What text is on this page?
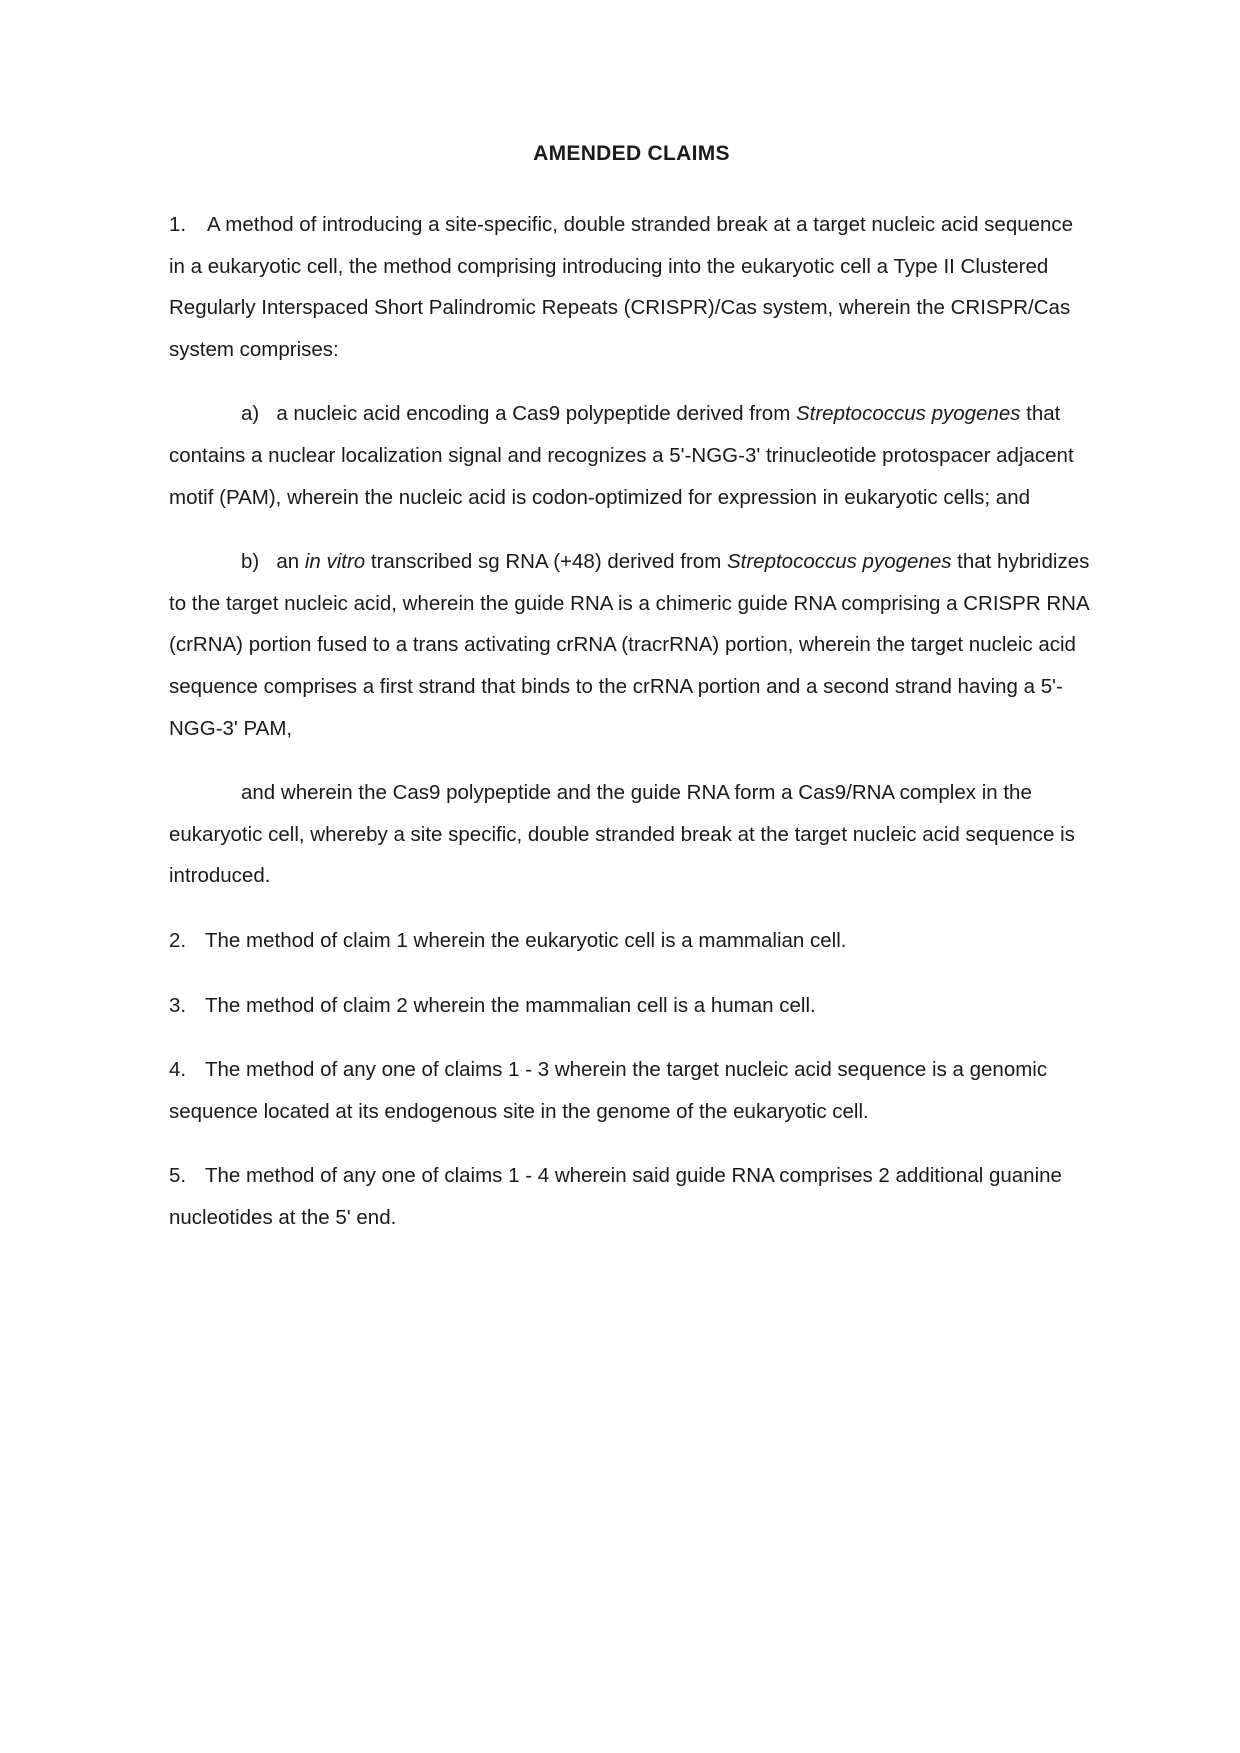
AMENDED CLAIMS

1. A method of introducing a site-specific, double stranded break at a target nucleic acid sequence in a eukaryotic cell, the method comprising introducing into the eukaryotic cell a Type II Clustered Regularly Interspaced Short Palindromic Repeats (CRISPR)/Cas system, wherein the CRISPR/Cas system comprises:

a) a nucleic acid encoding a Cas9 polypeptide derived from Streptococcus pyogenes that contains a nuclear localization signal and recognizes a 5'-NGG-3' trinucleotide protospacer adjacent motif (PAM), wherein the nucleic acid is codon-optimized for expression in eukaryotic cells; and

b) an in vitro transcribed sg RNA (+48) derived from Streptococcus pyogenes that hybridizes to the target nucleic acid, wherein the guide RNA is a chimeric guide RNA comprising a CRISPR RNA (crRNA) portion fused to a trans activating crRNA (tracrRNA) portion, wherein the target nucleic acid sequence comprises a first strand that binds to the crRNA portion and a second strand having a 5'-NGG-3' PAM,

and wherein the Cas9 polypeptide and the guide RNA form a Cas9/RNA complex in the eukaryotic cell, whereby a site specific, double stranded break at the target nucleic acid sequence is introduced.

2. The method of claim 1 wherein the eukaryotic cell is a mammalian cell.

3. The method of claim 2 wherein the mammalian cell is a human cell.

4. The method of any one of claims 1 - 3 wherein the target nucleic acid sequence is a genomic sequence located at its endogenous site in the genome of the eukaryotic cell.

5. The method of any one of claims 1 - 4 wherein said guide RNA comprises 2 additional guanine nucleotides at the 5' end.
